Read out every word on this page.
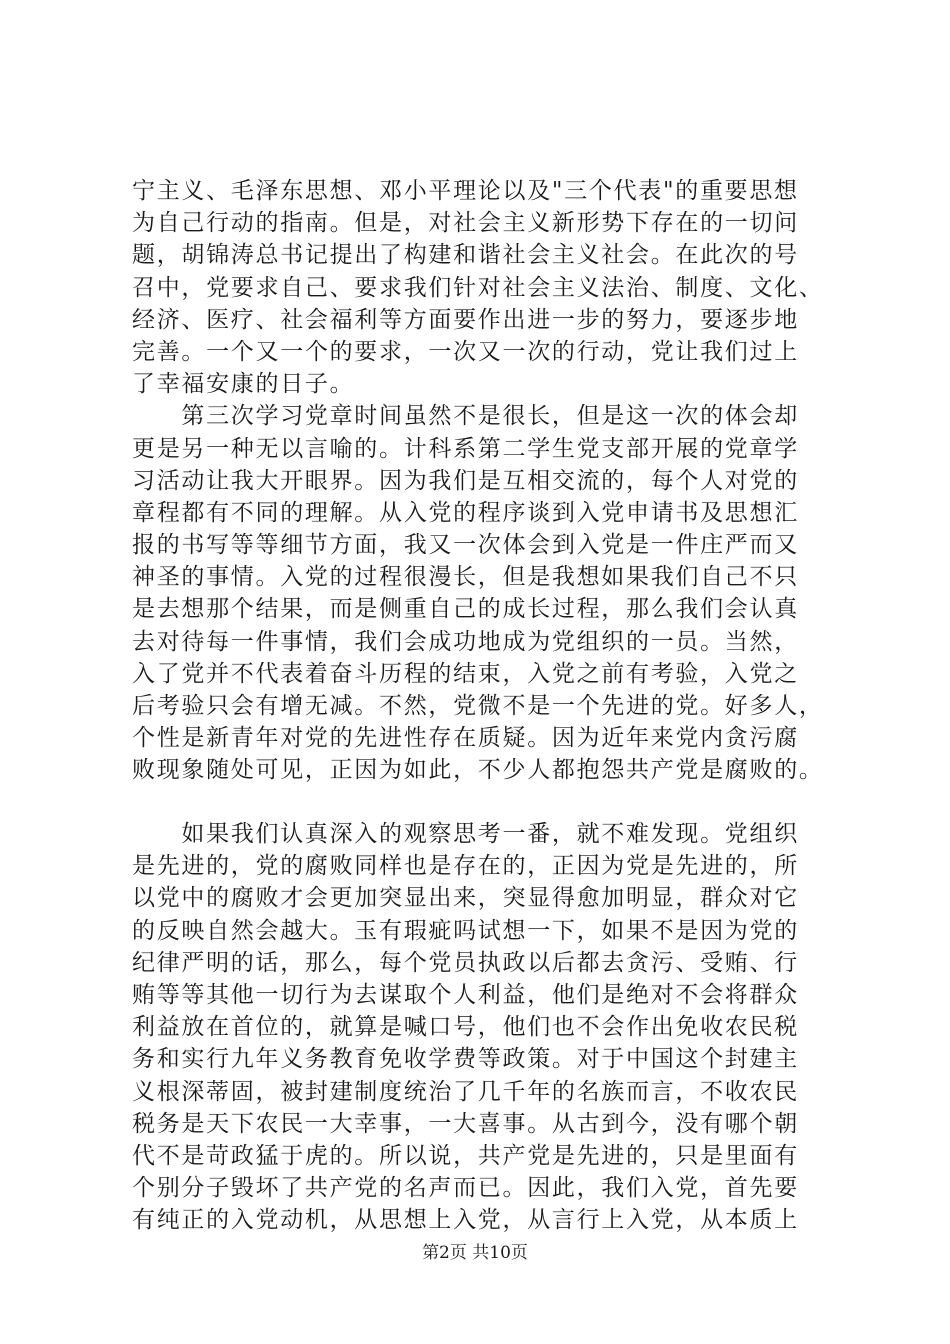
宁主义、毛泽东思想、邓小平理论以及"三个代表"的重要思想
为自己行动的指南。但是，对社会主义新形势下存在的一切问
题，胡锦涛总书记提出了构建和谐社会主义社会。在此次的号
召中，党要求自己、要求我们针对社会主义法治、制度、文化、
经济、医疗、社会福利等方面要作出进一步的努力，要逐步地
完善。一个又一个的要求，一次又一次的行动，党让我们过上
了幸福安康的日子。
　　第三次学习党章时间虽然不是很长，但是这一次的体会却
更是另一种无以言喻的。计科系第二学生党支部开展的党章学
习活动让我大开眼界。因为我们是互相交流的，每个人对党的
章程都有不同的理解。从入党的程序谈到入党申请书及思想汇
报的书写等等细节方面，我又一次体会到入党是一件庄严而又
神圣的事情。入党的过程很漫长，但是我想如果我们自己不只
是去想那个结果，而是侧重自己的成长过程，那么我们会认真
去对待每一件事情，我们会成功地成为党组织的一员。当然，
入了党并不代表着奋斗历程的结束，入党之前有考验，入党之
后考验只会有增无减。不然，党微不是一个先进的党。好多人，
个性是新青年对党的先进性存在质疑。因为近年来党内贪污腐
败现象随处可见，正因为如此，不少人都抱怨共产党是腐败的。
　　如果我们认真深入的观察思考一番，就不难发现。党组织
是先进的，党的腐败同样也是存在的，正因为党是先进的，所
以党中的腐败才会更加突显出来，突显得愈加明显，群众对它
的反映自然会越大。玉有瑕疵吗试想一下，如果不是因为党的
纪律严明的话，那么，每个党员执政以后都去贪污、受贿、行
贿等等其他一切行为去谋取个人利益，他们是绝对不会将群众
利益放在首位的，就算是喊口号，他们也不会作出免收农民税
务和实行九年义务教育免收学费等政策。对于中国这个封建主
义根深蒂固，被封建制度统治了几千年的名族而言，不收农民
税务是天下农民一大幸事，一大喜事。从古到今，没有哪个朝
代不是苛政猛于虎的。所以说，共产党是先进的，只是里面有
个别分子毁坏了共产党的名声而已。因此，我们入党，首先要
有纯正的入党动机，从思想上入党，从言行上入党，从本质上
第2页 共10页
